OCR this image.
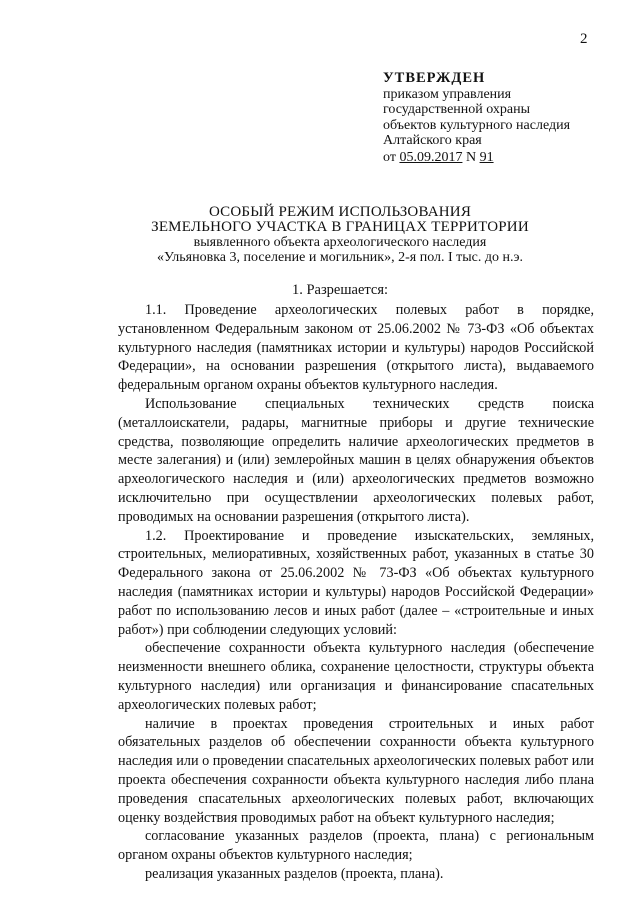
2
УТВЕРЖДЕН
приказом управления
государственной охраны
объектов культурного наследия
Алтайского края
от 05.09.2017 N 91
ОСОБЫЙ РЕЖИМ ИСПОЛЬЗОВАНИЯ
ЗЕМЕЛЬНОГО УЧАСТКА В ГРАНИЦАХ ТЕРРИТОРИИ
выявленного объекта археологического наследия
«Ульяновка 3, поселение и могильник», 2-я пол. I тыс. до н.э.
1. Разрешается:

1.1. Проведение археологических полевых работ в порядке, установленном Федеральным законом от 25.06.2002 № 73-ФЗ «Об объектах культурного наследия (памятниках истории и культуры) народов Российской Федерации», на основании разрешения (открытого листа), выдаваемого федеральным органом охраны объектов культурного наследия.

Использование специальных технических средств поиска (металлоискатели, радары, магнитные приборы и другие технические средства, позволяющие определить наличие археологических предметов в месте залегания) и (или) землеройных машин в целях обнаружения объектов археологического наследия и (или) археологических предметов возможно исключительно при осуществлении археологических полевых работ, проводимых на основании разрешения (открытого листа).

1.2. Проектирование и проведение изыскательских, земляных, строительных, мелиоративных, хозяйственных работ, указанных в статье 30 Федерального закона от 25.06.2002 № 73-ФЗ «Об объектах культурного наследия (памятниках истории и культуры) народов Российской Федерации» работ по использованию лесов и иных работ (далее – «строительные и иных работ») при соблюдении следующих условий:

обеспечение сохранности объекта культурного наследия (обеспечение неизменности внешнего облика, сохранение целостности, структуры объекта культурного наследия) или организация и финансирование спасательных археологических полевых работ;

наличие в проектах проведения строительных и иных работ обязательных разделов об обеспечении сохранности объекта культурного наследия или о проведении спасательных археологических полевых работ или проекта обеспечения сохранности объекта культурного наследия либо плана проведения спасательных археологических полевых работ, включающих оценку воздействия проводимых работ на объект культурного наследия;

согласование указанных разделов (проекта, плана) с региональным органом охраны объектов культурного наследия;

реализация указанных разделов (проекта, плана).
